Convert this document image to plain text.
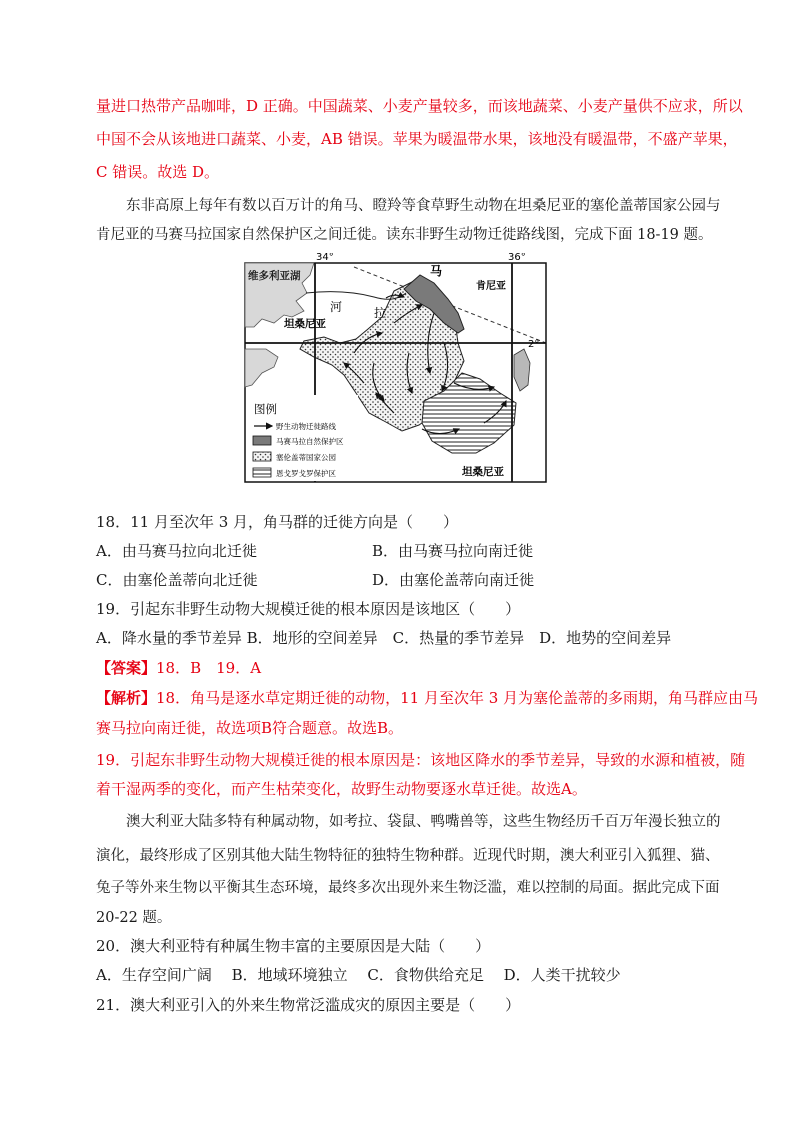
量进口热带产品咖啡，D 正确。中国蔬菜、小麦产量较多，而该地蔬菜、小麦产量供不应求，所以
中国不会从该地进口蔬菜、小麦，AB 错误。苹果为暖温带水果，该地没有暖温带，不盛产苹果，
C 错误。故选 D。
东非高原上每年有数以百万计的角马、瞪羚等食草野生动物在坦桑尼亚的塞伦盖蒂国家公园与
肯尼亚的马赛马拉国家自然保护区之间迁徙。读东非野生动物迁徙路线图，完成下面 18-19 题。
34°	36°
2°
维多利亚湖	马
肯尼亚
河	拉
坦桑尼亚
坦桑尼亚
图例
野生动物迁徙路线
马赛马拉自然保护区
塞伦盖蒂国家公园
恩戈罗戈罗保护区
18．11 月至次年 3 月，角马群的迁徙方向是（　　）
A．由马赛马拉向北迁徙	B．由马赛马拉向南迁徙
C．由塞伦盖蒂向北迁徙	D．由塞伦盖蒂向南迁徙
19．引起东非野生动物大规模迁徙的根本原因是该地区（　　）
A．降水量的季节差异 B．地形的空间差异　C．热量的季节差异　D．地势的空间差异
【答案】18．B　19．A
【解析】18．角马是逐水草定期迁徙的动物，11 月至次年 3 月为塞伦盖蒂的多雨期，角马群应由马
赛马拉向南迁徙，故选项B符合题意。故选B。
19．引起东非野生动物大规模迁徙的根本原因是：该地区降水的季节差异，导致的水源和植被，随
着干湿两季的变化，而产生枯荣变化，故野生动物要逐水草迁徙。故选A。
澳大利亚大陆多特有种属动物，如考拉、袋鼠、鸭嘴兽等，这些生物经历千百万年漫长独立的
演化，最终形成了区别其他大陆生物特征的独特生物种群。近现代时期，澳大利亚引入狐狸、猫、
兔子等外来生物以平衡其生态环境，最终多次出现外来生物泛滥，难以控制的局面。据此完成下面
20-22 题。
20．澳大利亚特有种属生物丰富的主要原因是大陆（　　）
A．生存空间广阔　 B．地域环境独立　 C．食物供给充足　 D．人类干扰较少
21．澳大利亚引入的外来生物常泛滥成灾的原因主要是（　　）
